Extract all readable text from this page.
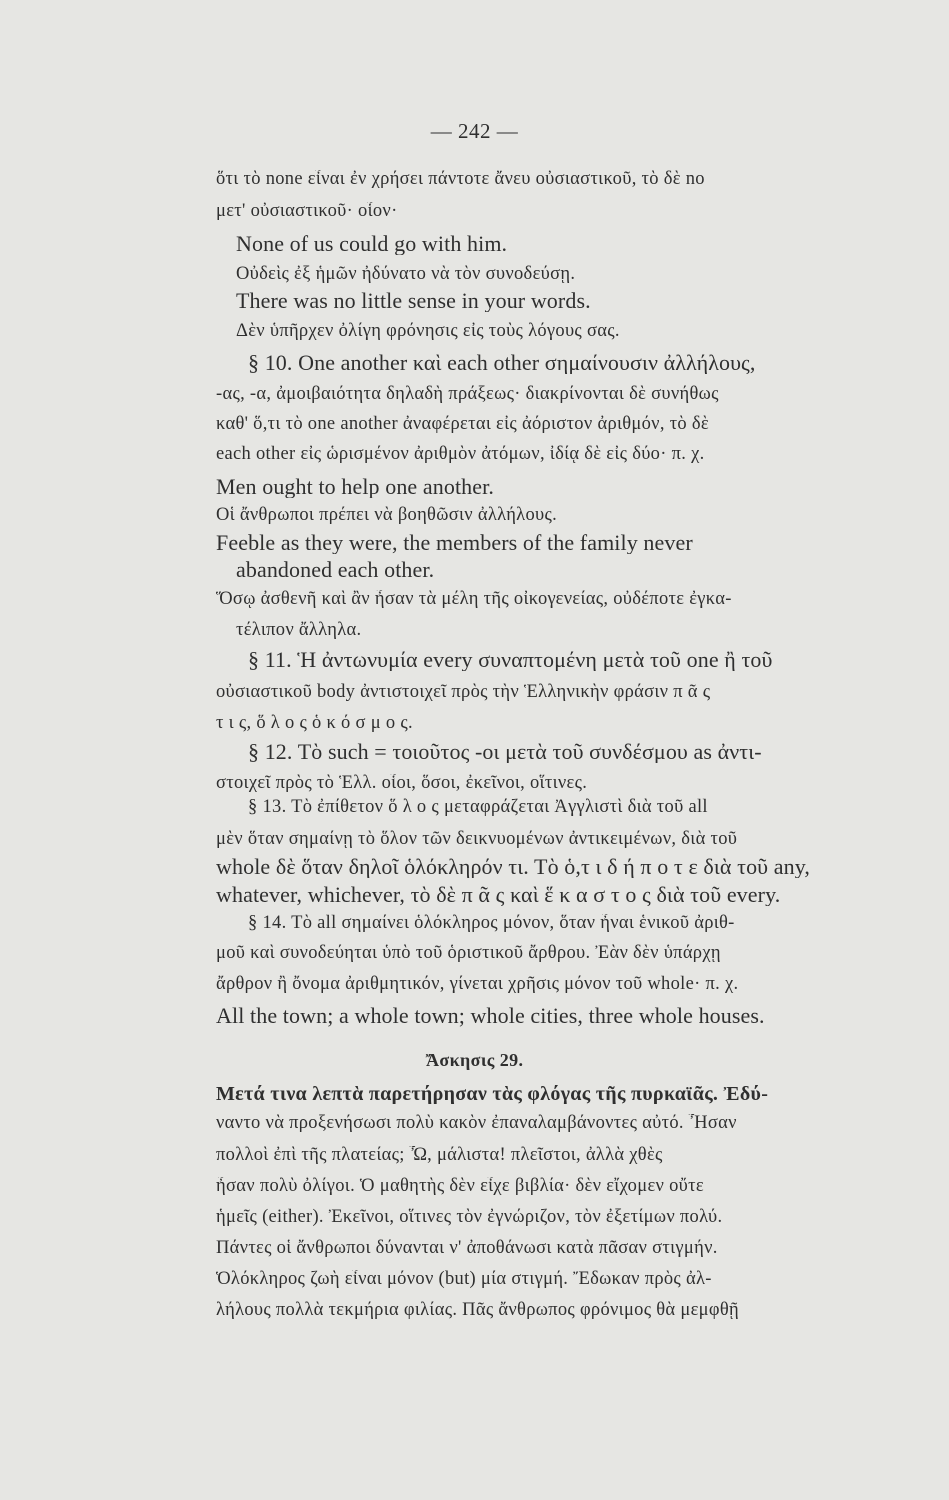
— 242 —
ὅτι τὸ none εἶναι ἐν χρήσει πάντοτε ἄνευ οὐσιαστικοῦ, τὸ δὲ no
μετ' οὐσιαστικοῦ· οἷον·
None of us could go with him.
Οὐδεὶς ἐξ ἡμῶν ἠδύνατο νὰ τὸν συνοδεύσῃ.
There was no little sense in your words.
Δὲν ὑπῆρχεν ὀλίγη φρόνησις εἰς τοὺς λόγους σας.
§ 10. One another καὶ each other σημαίνουσιν ἀλλήλους,
-ας, -α, ἀμοιβαιότητα δηλαδὴ πράξεως· διακρίνονται δὲ συνήθως
καθ' ὅ,τι τὸ one another ἀναφέρεται εἰς ἀόριστον ἀριθμόν, τὸ δὲ
each other εἰς ὡρισμένον ἀριθμὸν ἀτόμων, ἰδίᾳ δὲ εἰς δύο· π. χ.
Men ought to help one another.
Οἱ ἄνθρωποι πρέπει νὰ βοηθῶσιν ἀλλήλους.
Feeble as they were, the members of the family never
abandoned each other.
Ὅσῳ ἀσθενῆ καὶ ἂν ἦσαν τὰ μέλη τῆς οἰκογενείας, οὐδέποτε ἐγκα-
τέλιπον ἄλληλα.
§ 11. Ἡ ἀντωνυμία every συναπτομένη μετὰ τοῦ one ἢ τοῦ
οὐσιαστικοῦ body ἀντιστοιχεῖ πρὸς τὴν Ἑλληνικὴν φράσιν π ᾶ ς
τ ι ς, ὅ λ ο ς ὁ κ ό σ μ ο ς.
§ 12. Τὸ such = τοιοῦτος -οι μετὰ τοῦ συνδέσμου as ἀντι-
στοιχεῖ πρὸς τὸ Ἑλλ. οἷοι, ὅσοι, ἐκεῖνοι, οἵτινες.
§ 13. Τὸ ἐπίθετον ὅ λ ο ς μεταφράζεται Ἀγγλιστὶ διὰ τοῦ all
μὲν ὅταν σημαίνῃ τὸ ὅλον τῶν δεικνυομένων ἀντικειμένων, διὰ τοῦ
whole δὲ ὅταν δηλοῖ ὁλόκληρόν τι. Τὸ ὁ,τ ι δ ή π ο τ ε διὰ τοῦ any,
whatever, whichever, τὸ δὲ π ᾶ ς καὶ ἕ κ α σ τ ο ς διὰ τοῦ every.
§ 14. Τὸ all σημαίνει ὁλόκληρος μόνον, ὅταν ἦναι ἑνικοῦ ἀριθ-
μοῦ καὶ συνοδεύηται ὑπὸ τοῦ ὁριστικοῦ ἄρθρου. Ἐὰν δὲν ὑπάρχῃ
ἄρθρον ἢ ὄνομα ἀριθμητικόν, γίνεται χρῆσις μόνον τοῦ whole· π. χ.
All the town; a whole town; whole cities, three whole houses.
Ἄσκησις 29.
Μετά τινα λεπτὰ παρετήρησαν τὰς φλόγας τῆς πυρκαϊᾶς. Ἐδύ-
ναντο νὰ προξενήσωσι πολὺ κακὸν ἐπαναλαμβάνοντες αὐτό. Ἦσαν
πολλοὶ ἐπὶ τῆς πλατείας; Ὦ, μάλιστα! πλεῖστοι, ἀλλὰ χθὲς
ἦσαν πολὺ ὀλίγοι. Ὁ μαθητὴς δὲν εἶχε βιβλία· δὲν εἴχομεν οὔτε
ἡμεῖς (either). Ἐκεῖνοι, οἵτινες τὸν ἐγνώριζον, τὸν ἐξετίμων πολύ.
Πάντες οἱ ἄνθρωποι δύνανται ν' ἀποθάνωσι κατὰ πᾶσαν στιγμήν.
Ὁλόκληρος ζωὴ εἶναι μόνον (but) μία στιγμή. Ἔδωκαν πρὸς ἀλ-
λήλους πολλὰ τεκμήρια φιλίας. Πᾶς ἄνθρωπος φρόνιμος θὰ μεμφθῇ
